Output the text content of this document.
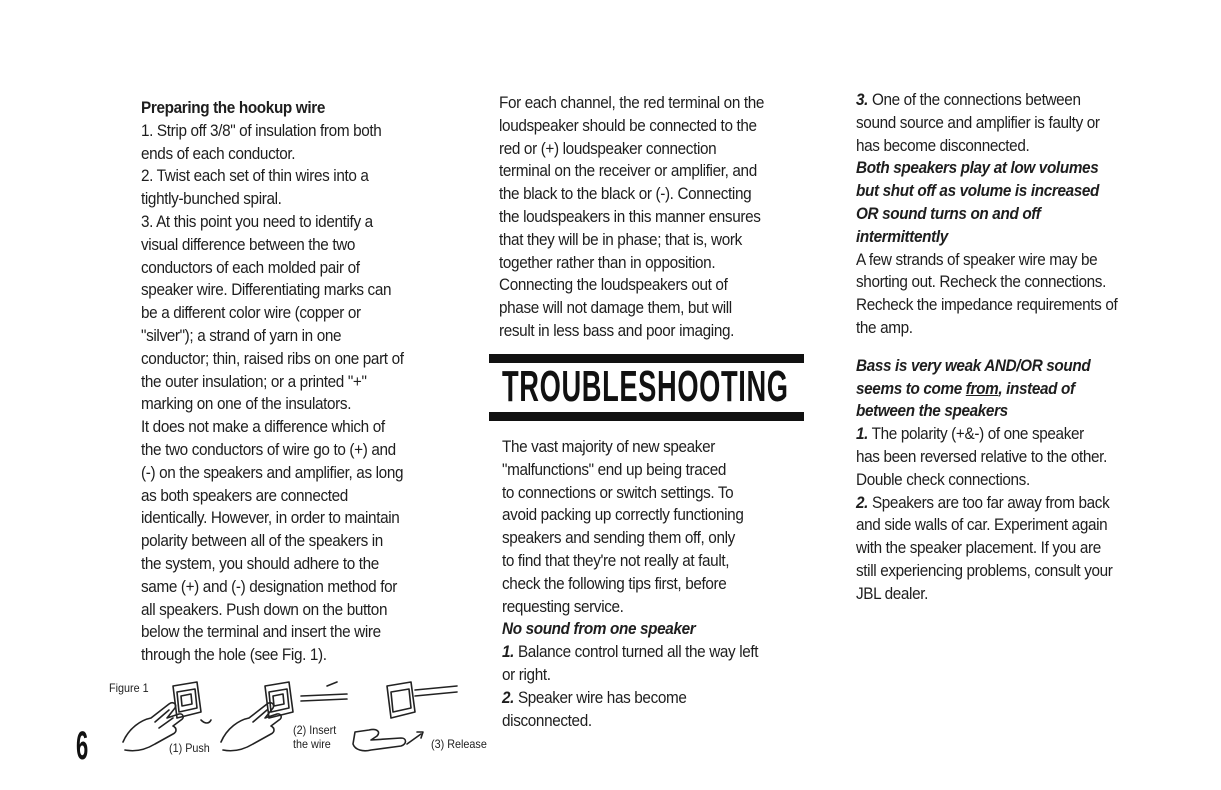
Preparing the hookup wire

1. Strip off 3/8" of insulation from both

ends of each conductor.

2. Twist each set of thin wires into a

tightly-bunched spiral.

3. At this point you need to identify a

visual difference between the two

conductors of each molded pair of

speaker wire. Differentiating marks can

be a different color wire (copper or

"silver"); a strand of yarn in one

conductor; thin, raised ribs on one part of

the outer insulation; or a printed "+"

marking on one of the insulators.

It does not make a difference which of

the two conductors of wire go to (+) and

(-) on the speakers and amplifier, as long

as both speakers are connected

identically. However, in order to maintain

polarity between all of the speakers in

the system, you should adhere to the

same (+) and (-) designation method for

all speakers. Push down on the button

below the terminal and insert the wire

through the hole (see Fig. 1).

For each channel, the red terminal on the

loudspeaker should be connected to the

red or (+) loudspeaker connection

terminal on the receiver or amplifier, and

the black to the black or (-). Connecting

the loudspeakers in this manner ensures

that they will be in phase; that is, work

together rather than in opposition.

Connecting the loudspeakers out of

phase will not damage them, but will

result in less bass and poor imaging.

TROUBLESHOOTING

The vast majority of new speaker

"malfunctions" end up being traced

to connections or switch settings. To

avoid packing up correctly functioning

speakers and sending them off, only

to find that they're not really at fault,

check the following tips first, before

requesting service.

No sound from one speaker

1. Balance control turned all the way left

or right.

2. Speaker wire has become

disconnected.

3. One of the connections between

sound source and amplifier is faulty or

has become disconnected.

Both speakers play at low volumes

but shut off as volume is increased

OR sound turns on and off

intermittently

A few strands of speaker wire may be

shorting out. Recheck the connections.

Recheck the impedance requirements of

the amp.

Bass is very weak AND/OR sound

seems to come from, instead of

between the speakers

1. The polarity (+&-) of one speaker

has been reversed relative to the other.

Double check connections.

2. Speakers are too far away from back

and side walls of car. Experiment again

with the speaker placement. If you are

still experiencing problems, consult your

JBL dealer.

Figure 1
(1) Push
(2) Insert
the wire	(3) Release
6
